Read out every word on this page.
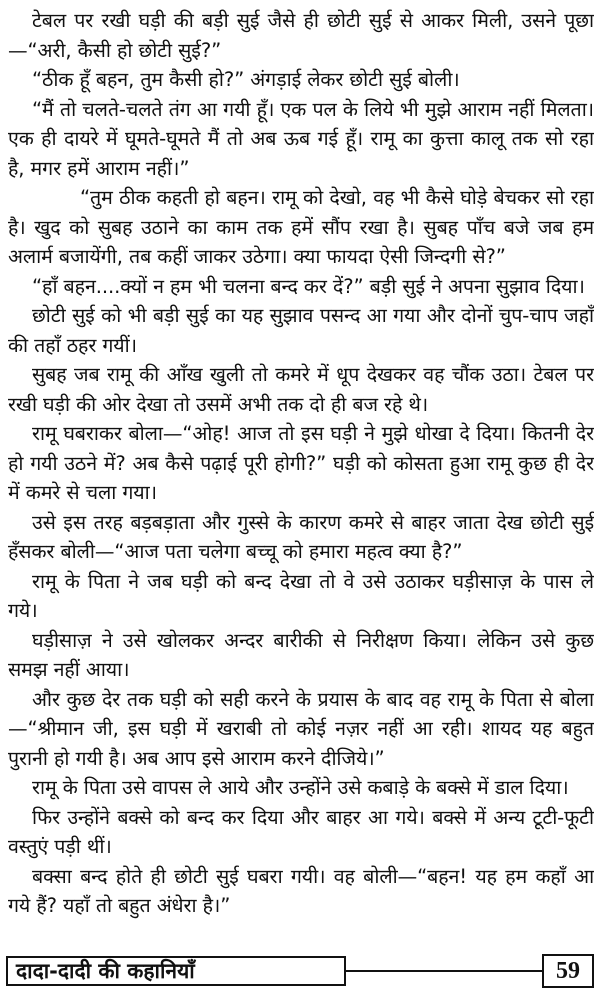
टेबल पर रखी घड़ी की बड़ी सुई जैसे ही छोटी सुई से आकर मिली, उसने पूछा—“अरी, कैसी हो छोटी सुई?”

“ठीक हूँ बहन, तुम कैसी हो?” अंगड़ाई लेकर छोटी सुई बोली।

“मैं तो चलते-चलते तंग आ गयी हूँ। एक पल के लिये भी मुझे आराम नहीं मिलता। एक ही दायरे में घूमते-घूमते मैं तो अब ऊब गई हूँ। रामू का कुत्ता कालू तक सो रहा है, मगर हमें आराम नहीं।”

“तुम ठीक कहती हो बहन। रामू को देखो, वह भी कैसे घोड़े बेचकर सो रहा है। खुद को सुबह उठाने का काम तक हमें सौंप रखा है। सुबह पाँच बजे जब हम अलार्म बजायेंगी, तब कहीं जाकर उठेगा। क्या फायदा ऐसी जिन्दगी से?”

“हाँ बहन....क्यों न हम भी चलना बन्द कर दें?” बड़ी सुई ने अपना सुझाव दिया।

छोटी सुई को भी बड़ी सुई का यह सुझाव पसन्द आ गया और दोनों चुप-चाप जहाँ की तहाँ ठहर गयीं।

सुबह जब रामू की आँख खुली तो कमरे में धूप देखकर वह चौंक उठा। टेबल पर रखी घड़ी की ओर देखा तो उसमें अभी तक दो ही बज रहे थे।

रामू घबराकर बोला—“ओह! आज तो इस घड़ी ने मुझे धोखा दे दिया। कितनी देर हो गयी उठने में? अब कैसे पढ़ाई पूरी होगी?” घड़ी को कोसता हुआ रामू कुछ ही देर में कमरे से चला गया।

उसे इस तरह बड़बड़ाता और गुस्से के कारण कमरे से बाहर जाता देख छोटी सुई हँसकर बोली—“आज पता चलेगा बच्चू को हमारा महत्व क्या है?”

रामू के पिता ने जब घड़ी को बन्द देखा तो वे उसे उठाकर घड़ीसाज़ के पास ले गये।

घड़ीसाज़ ने उसे खोलकर अन्दर बारीकी से निरीक्षण किया। लेकिन उसे कुछ समझ नहीं आया।

और कुछ देर तक घड़ी को सही करने के प्रयास के बाद वह रामू के पिता से बोला—“श्रीमान जी, इस घड़ी में खराबी तो कोई नज़र नहीं आ रही। शायद यह बहुत पुरानी हो गयी है। अब आप इसे आराम करने दीजिये।”

रामू के पिता उसे वापस ले आये और उन्होंने उसे कबाड़े के बक्से में डाल दिया।

फिर उन्होंने बक्से को बन्द कर दिया और बाहर आ गये। बक्से में अन्य टूटी-फूटी वस्तुएं पड़ी थीं।

बक्सा बन्द होते ही छोटी सुई घबरा गयी। वह बोली—“बहन! यह हम कहाँ आ गये हैं? यहाँ तो बहुत अंधेरा है।”

दादा-दादी की कहानियाँ	59
